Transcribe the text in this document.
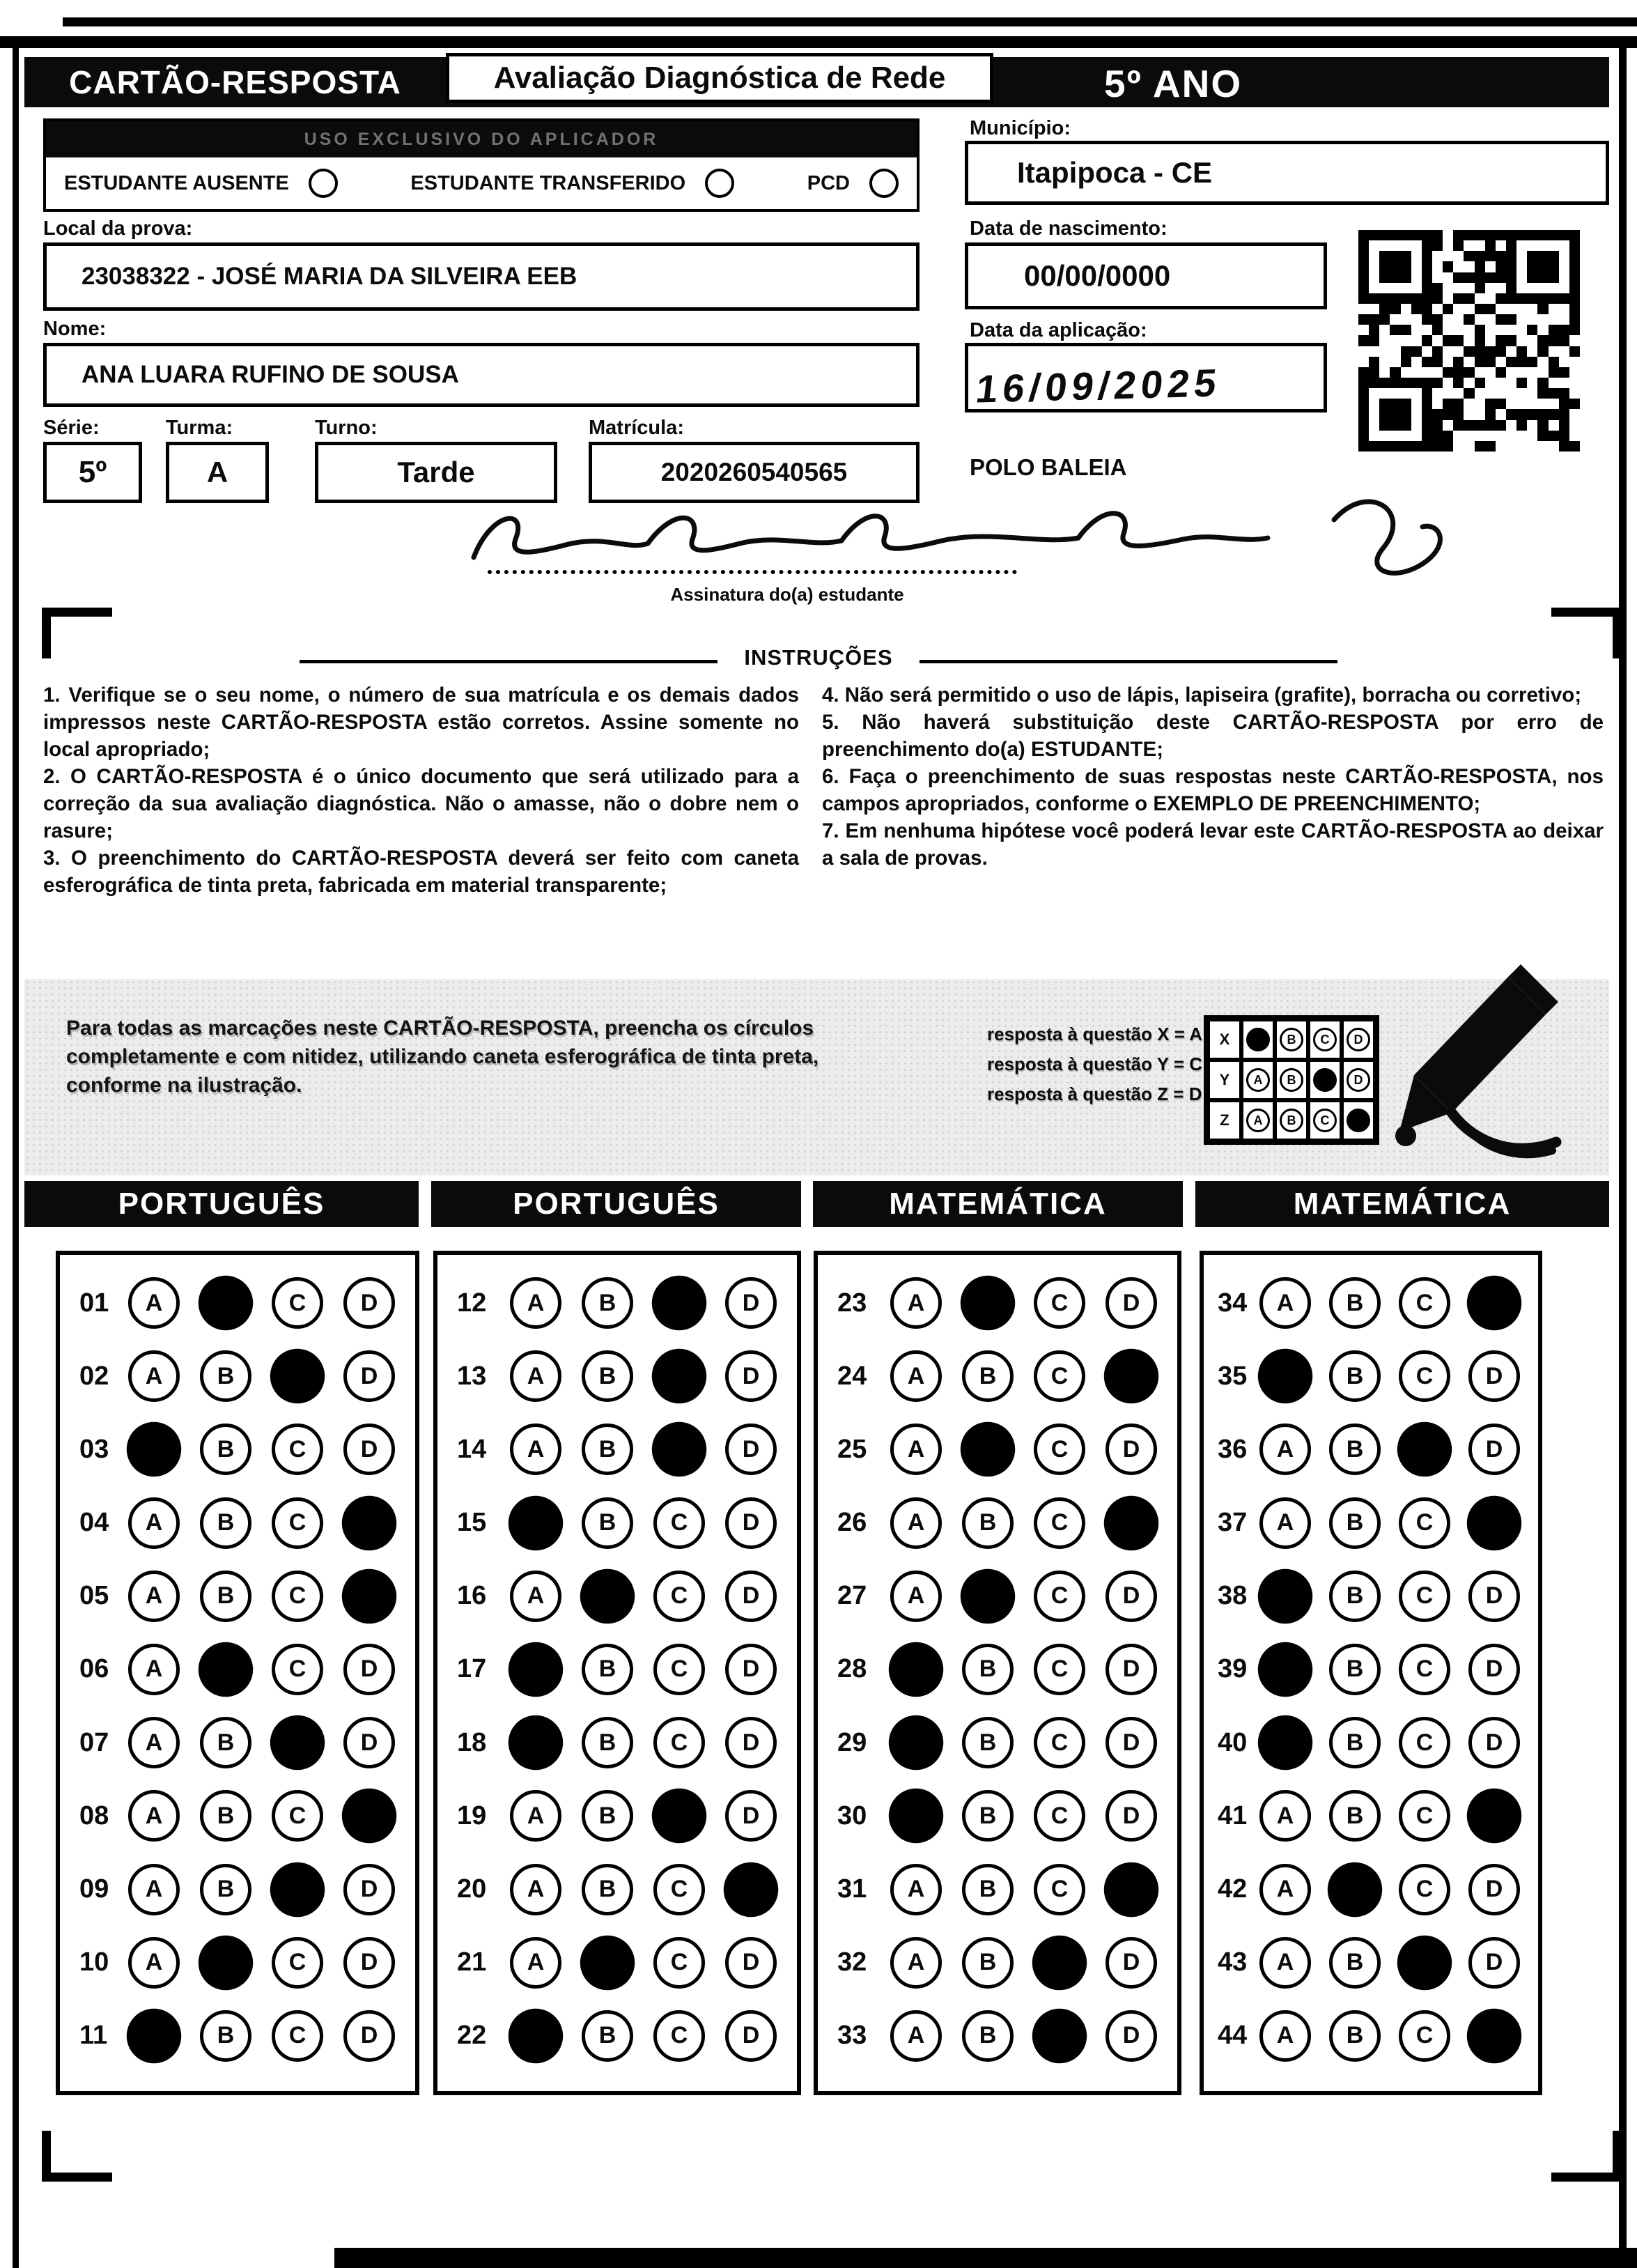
CARTÃO-RESPOSTA	Avaliação Diagnóstica de Rede	5º ANO
USO EXCLUSIVO DO APLICADOR
ESTUDANTE AUSENTE	ESTUDANTE TRANSFERIDO	PCD
Local da prova:
23038322 - JOSÉ MARIA DA SILVEIRA EEB
Nome:
ANA LUARA RUFINO DE SOUSA
Série:
5º
Turma:
A
Turno:
Tarde
Matrícula:
2020260540565
Município:
Itapipoca - CE
Data de nascimento:
00/00/0000
Data da aplicação:
16/09/2025
POLO BALEIA
Assinatura do(a) estudante
INSTRUÇÕES

1. Verifique se o seu nome, o número de sua matrícula e os demais dados impressos neste CARTÃO-RESPOSTA estão corretos. Assine somente no local apropriado;

2. O CARTÃO-RESPOSTA é o único documento que será utilizado para a correção da sua avaliação diagnóstica. Não o amasse, não o dobre nem o rasure;

3. O preenchimento do CARTÃO-RESPOSTA deverá ser feito com caneta esferográfica de tinta preta, fabricada em material transparente;

4. Não será permitido o uso de lápis, lapiseira (grafite), borracha ou corretivo;

5. Não haverá substituição deste CARTÃO-RESPOSTA por erro de preenchimento do(a) ESTUDANTE;

6. Faça o preenchimento de suas respostas neste CARTÃO-RESPOSTA, nos campos apropriados, conforme o EXEMPLO DE PREENCHIMENTO;

7. Em nenhuma hipótese você poderá levar este CARTÃO-RESPOSTA ao deixar a sala de provas.

Para todas as marcações neste CARTÃO-RESPOSTA, preencha os círculos completamente e com nitidez, utilizando caneta esferográfica de tinta preta, conforme na ilustração.
resposta à questão X = A
resposta à questão Y = C
resposta à questão Z = D
X	A	B	C	D
Y	A	B	C	D
Z	A	B	C	D
PORTUGUÊS	PORTUGUÊS	MATEMÁTICA	MATEMÁTICA
01	A	B	C	D
02	A	B	C	D
03	A	B	C	D
04	A	B	C	D
05	A	B	C	D
06	A	B	C	D
07	A	B	C	D
08	A	B	C	D
09	A	B	C	D
10	A	B	C	D
11	A	B	C	D
12	A	B	C	D
13	A	B	C	D
14	A	B	C	D
15	A	B	C	D
16	A	B	C	D
17	A	B	C	D
18	A	B	C	D
19	A	B	C	D
20	A	B	C	D
21	A	B	C	D
22	A	B	C	D
23	A	B	C	D
24	A	B	C	D
25	A	B	C	D
26	A	B	C	D
27	A	B	C	D
28	A	B	C	D
29	A	B	C	D
30	A	B	C	D
31	A	B	C	D
32	A	B	C	D
33	A	B	C	D
34	A	B	C	D
35	A	B	C	D
36	A	B	C	D
37	A	B	C	D
38	A	B	C	D
39	A	B	C	D
40	A	B	C	D
41	A	B	C	D
42	A	B	C	D
43	A	B	C	D
44	A	B	C	D
